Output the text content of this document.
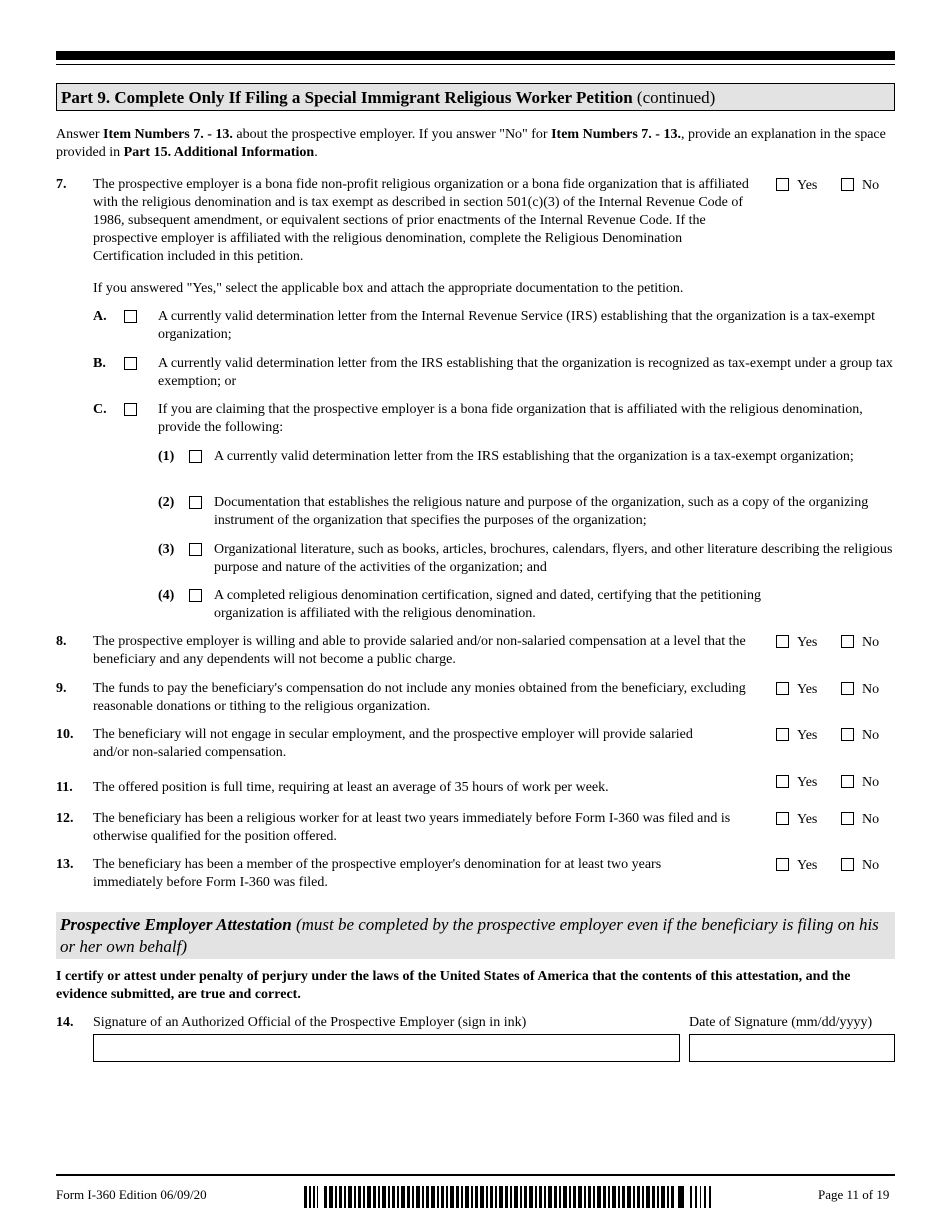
Part 9. Complete Only If Filing a Special Immigrant Religious Worker Petition (continued)
Answer Item Numbers 7. - 13. about the prospective employer. If you answer "No" for Item Numbers 7. - 13., provide an explanation in the space provided in Part 15. Additional Information.
7. The prospective employer is a bona fide non-profit religious organization or a bona fide organization that is affiliated with the religious denomination and is tax exempt as described in section 501(c)(3) of the Internal Revenue Code of 1986, subsequent amendment, or equivalent sections of prior enactments of the Internal Revenue Code. If the prospective employer is affiliated with the religious denomination, complete the Religious Denomination Certification included in this petition.
Yes	No
If you answered "Yes," select the applicable box and attach the appropriate documentation to the petition.
A.	A currently valid determination letter from the Internal Revenue Service (IRS) establishing that the organization is a tax-exempt organization;
B.	A currently valid determination letter from the IRS establishing that the organization is recognized as tax-exempt under a group tax exemption; or
C.	If you are claiming that the prospective employer is a bona fide organization that is affiliated with the religious denomination, provide the following:
(1)	A currently valid determination letter from the IRS establishing that the organization is a tax-exempt organization;
(2)	Documentation that establishes the religious nature and purpose of the organization, such as a copy of the organizing instrument of the organization that specifies the purposes of the organization;
(3)	Organizational literature, such as books, articles, brochures, calendars, flyers, and other literature describing the religious purpose and nature of the activities of the organization; and
(4)	A completed religious denomination certification, signed and dated, certifying that the petitioning organization is affiliated with the religious denomination.
8. The prospective employer is willing and able to provide salaried and/or non-salaried compensation at a level that the beneficiary and any dependents will not become a public charge.
Yes	No
9. The funds to pay the beneficiary's compensation do not include any monies obtained from the beneficiary, excluding reasonable donations or tithing to the religious organization.
Yes	No
10. The beneficiary will not engage in secular employment, and the prospective employer will provide salaried and/or non-salaried compensation.
Yes	No
11. The offered position is full time, requiring at least an average of 35 hours of work per week.	Yes	No
12. The beneficiary has been a religious worker for at least two years immediately before Form I-360 was filed and is otherwise qualified for the position offered.
Yes	No
13. The beneficiary has been a member of the prospective employer's denomination for at least two years immediately before Form I-360 was filed.
Yes	No
Prospective Employer Attestation (must be completed by the prospective employer even if the beneficiary is filing on his or her own behalf)
I certify or attest under penalty of perjury under the laws of the United States of America that the contents of this attestation, and the evidence submitted, are true and correct.
14. Signature of an Authorized Official of the Prospective Employer (sign in ink)	Date of Signature (mm/dd/yyyy)
Form I-360 Edition 06/09/20	Page 11 of 19
